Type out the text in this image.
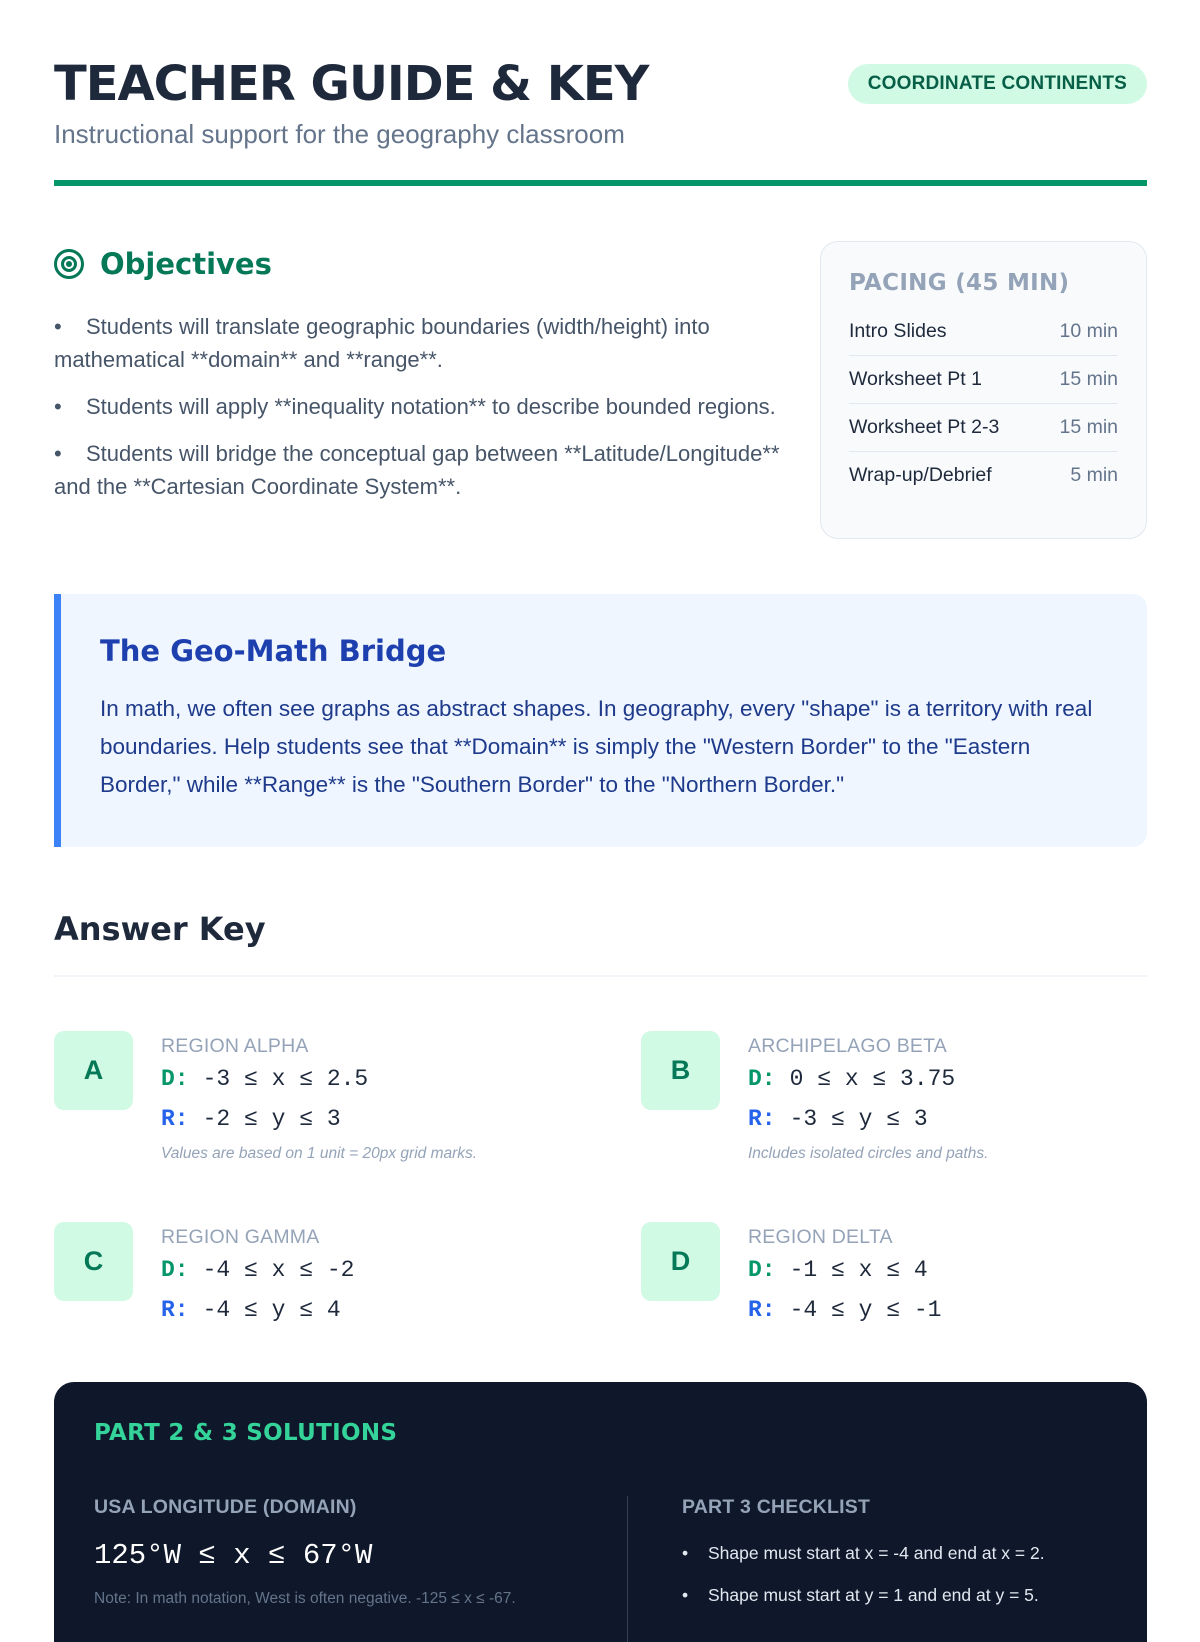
TEACHER GUIDE & KEY

Instructional support for the geography classroom

COORDINATE CONTINENTS
Objectives
• Students will translate geographic boundaries (width/height) into mathematical **domain** and **range**.
• Students will apply **inequality notation** to describe bounded regions.
• Students will bridge the conceptual gap between **Latitude/Longitude** and the **Cartesian Coordinate System**.
PACING (45 MIN)
Intro Slides	10 min
Worksheet Pt 1	15 min
Worksheet Pt 2-3	15 min
Wrap-up/Debrief	5 min
The Geo-Math Bridge

In math, we often see graphs as abstract shapes. In geography, every "shape" is a territory with real boundaries. Help students see that **Domain** is simply the "Western Border" to the "Eastern Border," while **Range** is the "Southern Border" to the "Northern Border."

Answer Key
A
REGION ALPHA
D: -3 ≤ x ≤ 2.5
R: -2 ≤ y ≤ 3
Values are based on 1 unit = 20px grid marks.
B
ARCHIPELAGO BETA
D: 0 ≤ x ≤ 3.75
R: -3 ≤ y ≤ 3
Includes isolated circles and paths.
C
REGION GAMMA
D: -4 ≤ x ≤ -2
R: -4 ≤ y ≤ 4
D
REGION DELTA
D: -1 ≤ x ≤ 4
R: -4 ≤ y ≤ -1
PART 2 & 3 SOLUTIONS
USA LONGITUDE (DOMAIN)
125°W ≤ x ≤ 67°W
Note: In math notation, West is often negative. -125 ≤ x ≤ -67.
PART 3 CHECKLIST
• Shape must start at x = -4 and end at x = 2.
• Shape must start at y = 1 and end at y = 5.
